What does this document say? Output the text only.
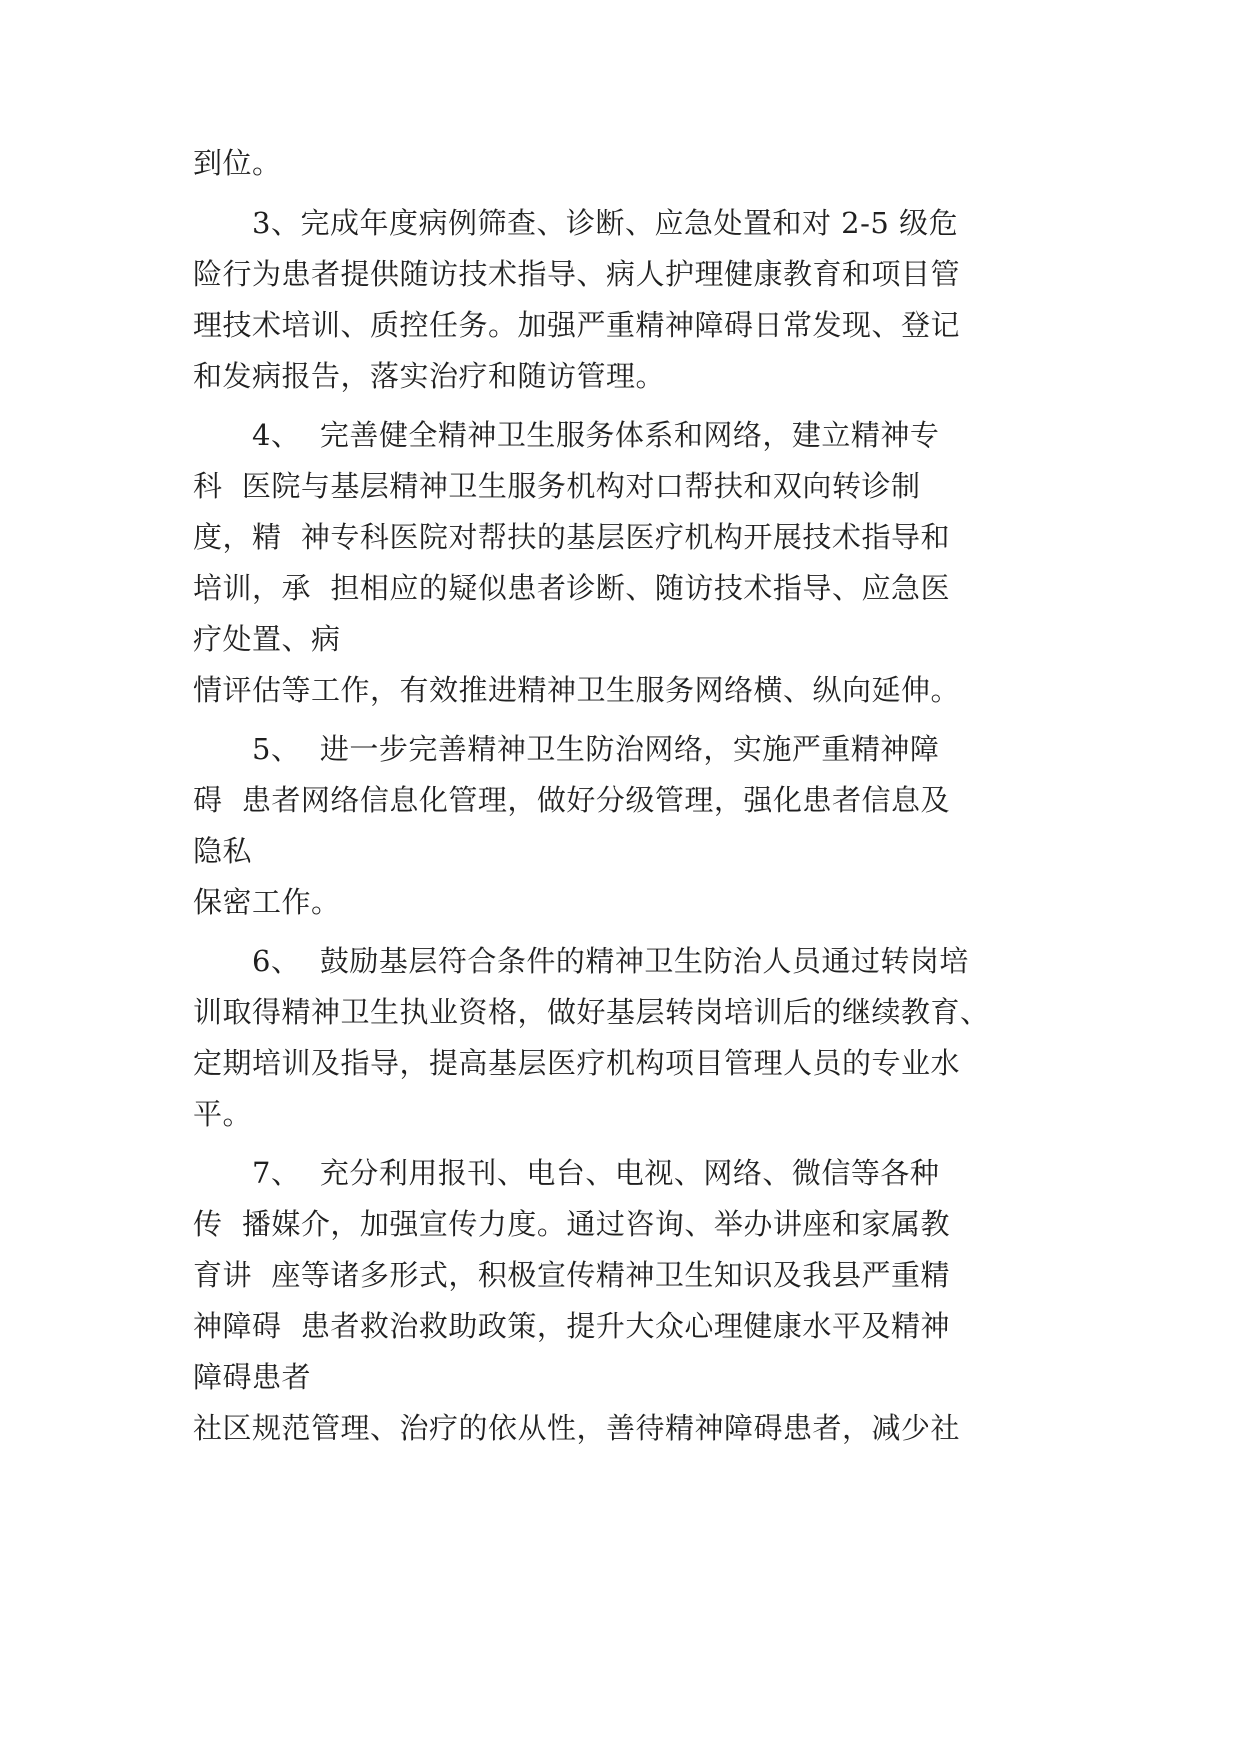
到位。

3、完成年度病例筛查、诊断、应急处置和对 2-5 级危

险行为患者提供随访技术指导、病人护理健康教育和项目管

理技术培训、质控任务。加强严重精神障碍日常发现、登记

和发病报告，落实治疗和随访管理。

4、  完善健全精神卫生服务体系和网络，建立精神专

科  医院与基层精神卫生服务机构对口帮扶和双向转诊制

度，精  神专科医院对帮扶的基层医疗机构开展技术指导和

培训，承  担相应的疑似患者诊断、随访技术指导、应急医

疗处置、病

情评估等工作，有效推进精神卫生服务网络横、纵向延伸。

5、  进一步完善精神卫生防治网络，实施严重精神障

碍  患者网络信息化管理，做好分级管理，强化患者信息及

隐私

保密工作。

6、  鼓励基层符合条件的精神卫生防治人员通过转岗培

训取得精神卫生执业资格，做好基层转岗培训后的继续教育、

定期培训及指导，提高基层医疗机构项目管理人员的专业水

平。

7、  充分利用报刊、电台、电视、网络、微信等各种

传  播媒介，加强宣传力度。通过咨询、举办讲座和家属教

育讲  座等诸多形式，积极宣传精神卫生知识及我县严重精

神障碍  患者救治救助政策，提升大众心理健康水平及精神

障碍患者

社区规范管理、治疗的依从性，善待精神障碍患者，减少社
